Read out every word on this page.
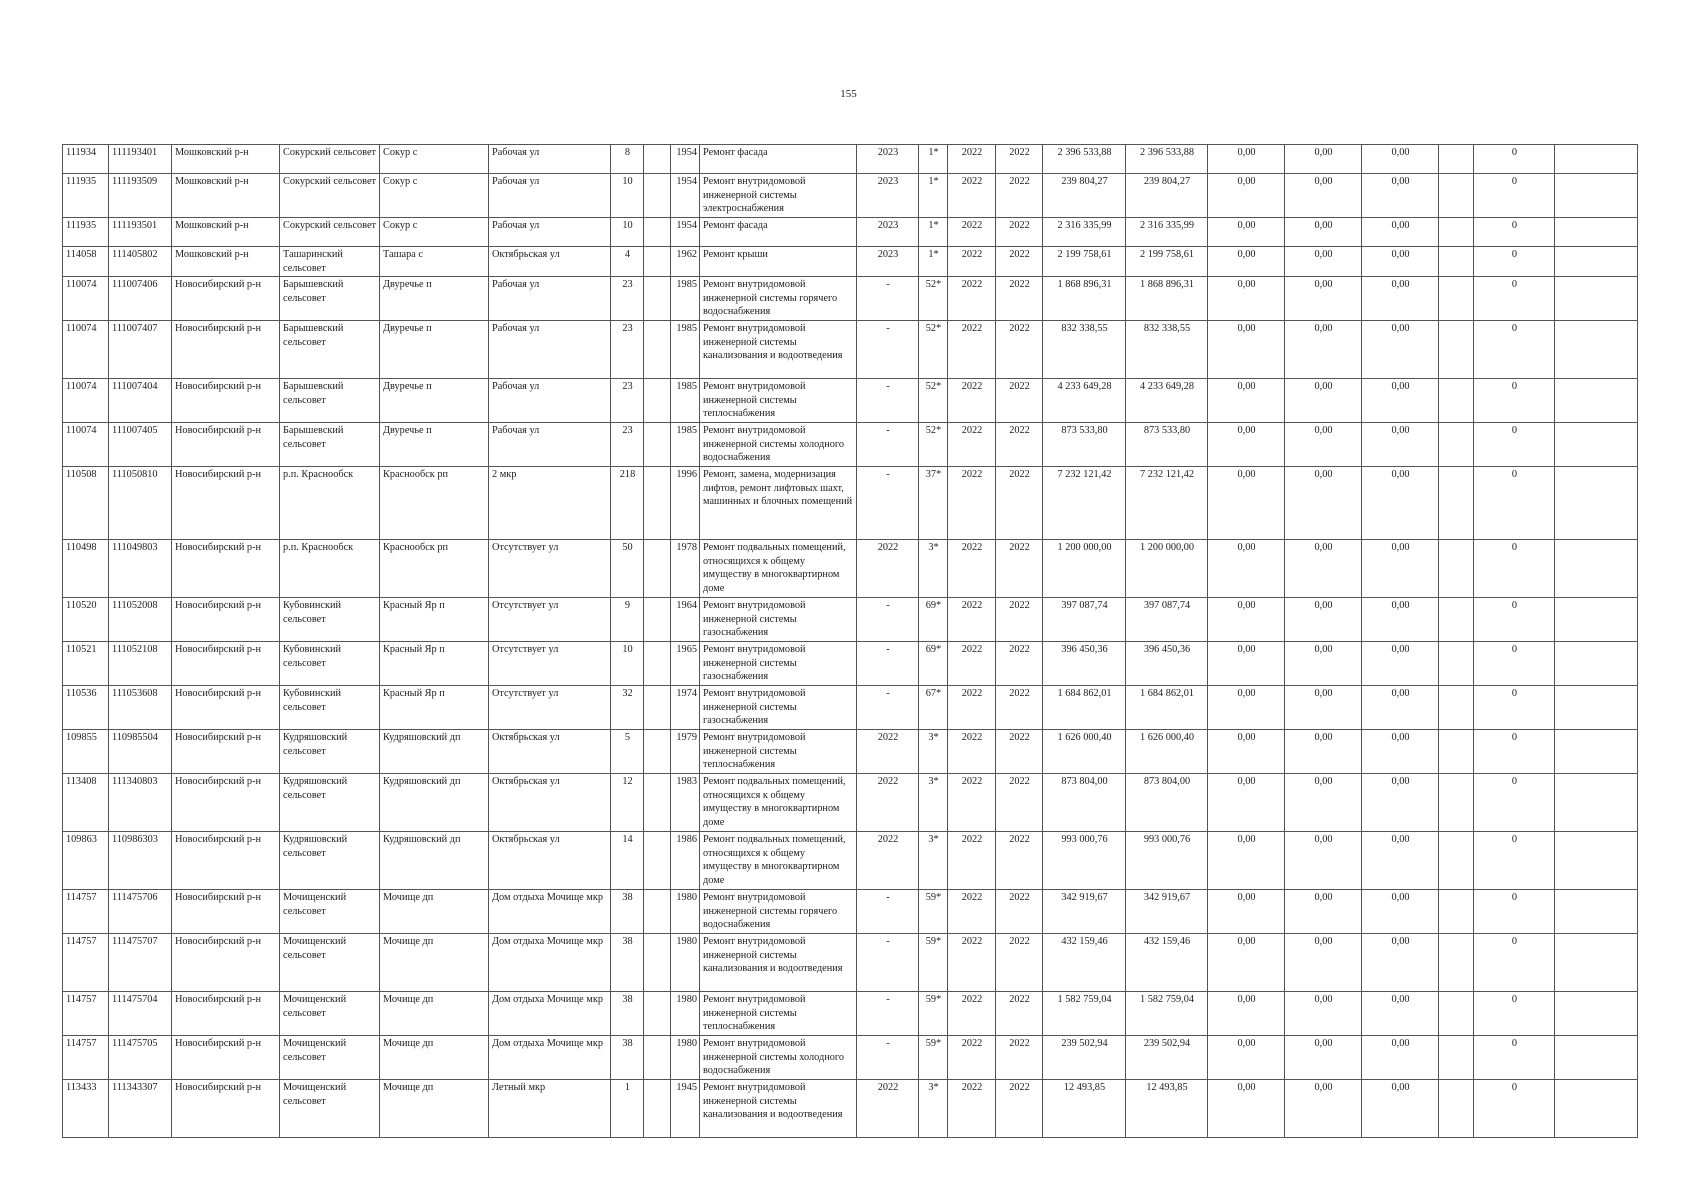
155
111934	111193401	Мошковский р-н	Сокурский сельсовет	Сокур с	Рабочая ул	8		1954	Ремонт фасада	2023	1*	2022	2022	2 396 533,88	2 396 533,88	0,00	0,00	0,00		0	
111935	111193509	Мошковский р-н	Сокурский сельсовет	Сокур с	Рабочая ул	10		1954	Ремонт внутридомовой инженерной системы электроснабжения	2023	1*	2022	2022	239 804,27	239 804,27	0,00	0,00	0,00		0	
111935	111193501	Мошковский р-н	Сокурский сельсовет	Сокур с	Рабочая ул	10		1954	Ремонт фасада	2023	1*	2022	2022	2 316 335,99	2 316 335,99	0,00	0,00	0,00		0	
114058	111405802	Мошковский р-н	Ташаринский сельсовет	Ташара с	Октябрьская ул	4		1962	Ремонт крыши	2023	1*	2022	2022	2 199 758,61	2 199 758,61	0,00	0,00	0,00		0	
110074	111007406	Новосибирский р-н	Барышевский сельсовет	Двуречье п	Рабочая ул	23		1985	Ремонт внутридомовой инженерной системы горячего водоснабжения	-	52*	2022	2022	1 868 896,31	1 868 896,31	0,00	0,00	0,00		0	
110074	111007407	Новосибирский р-н	Барышевский сельсовет	Двуречье п	Рабочая ул	23		1985	Ремонт внутридомовой инженерной системы канализования и водоотведения	-	52*	2022	2022	832 338,55	832 338,55	0,00	0,00	0,00		0	
110074	111007404	Новосибирский р-н	Барышевский сельсовет	Двуречье п	Рабочая ул	23		1985	Ремонт внутридомовой инженерной системы теплоснабжения	-	52*	2022	2022	4 233 649,28	4 233 649,28	0,00	0,00	0,00		0	
110074	111007405	Новосибирский р-н	Барышевский сельсовет	Двуречье п	Рабочая ул	23		1985	Ремонт внутридомовой инженерной системы холодного водоснабжения	-	52*	2022	2022	873 533,80	873 533,80	0,00	0,00	0,00		0	
110508	111050810	Новосибирский р-н	р.п. Краснообск	Краснообск рп	2 мкр	218		1996	Ремонт, замена, модернизация лифтов, ремонт лифтовых шахт, машинных и блочных помещений	-	37*	2022	2022	7 232 121,42	7 232 121,42	0,00	0,00	0,00		0	
110498	111049803	Новосибирский р-н	р.п. Краснообск	Краснообск рп	Отсутствует ул	50		1978	Ремонт подвальных помещений, относящихся к общему имуществу в многоквартирном доме	2022	3*	2022	2022	1 200 000,00	1 200 000,00	0,00	0,00	0,00		0	
110520	111052008	Новосибирский р-н	Кубовинский сельсовет	Красный Яр п	Отсутствует ул	9		1964	Ремонт внутридомовой инженерной системы газоснабжения	-	69*	2022	2022	397 087,74	397 087,74	0,00	0,00	0,00		0	
110521	111052108	Новосибирский р-н	Кубовинский сельсовет	Красный Яр п	Отсутствует ул	10		1965	Ремонт внутридомовой инженерной системы газоснабжения	-	69*	2022	2022	396 450,36	396 450,36	0,00	0,00	0,00		0	
110536	111053608	Новосибирский р-н	Кубовинский сельсовет	Красный Яр п	Отсутствует ул	32		1974	Ремонт внутридомовой инженерной системы газоснабжения	-	67*	2022	2022	1 684 862,01	1 684 862,01	0,00	0,00	0,00		0	
109855	110985504	Новосибирский р-н	Кудряшовский сельсовет	Кудряшовский дп	Октябрьская ул	5		1979	Ремонт внутридомовой инженерной системы теплоснабжения	2022	3*	2022	2022	1 626 000,40	1 626 000,40	0,00	0,00	0,00		0	
113408	111340803	Новосибирский р-н	Кудряшовский сельсовет	Кудряшовский дп	Октябрьская ул	12		1983	Ремонт подвальных помещений, относящихся к общему имуществу в многоквартирном доме	2022	3*	2022	2022	873 804,00	873 804,00	0,00	0,00	0,00		0	
109863	110986303	Новосибирский р-н	Кудряшовский сельсовет	Кудряшовский дп	Октябрьская ул	14		1986	Ремонт подвальных помещений, относящихся к общему имуществу в многоквартирном доме	2022	3*	2022	2022	993 000,76	993 000,76	0,00	0,00	0,00		0	
114757	111475706	Новосибирский р-н	Мочищенский сельсовет	Мочище дп	Дом отдыха Мочище мкр	38		1980	Ремонт внутридомовой инженерной системы горячего водоснабжения	-	59*	2022	2022	342 919,67	342 919,67	0,00	0,00	0,00		0	
114757	111475707	Новосибирский р-н	Мочищенский сельсовет	Мочище дп	Дом отдыха Мочище мкр	38		1980	Ремонт внутридомовой инженерной системы канализования и водоотведения	-	59*	2022	2022	432 159,46	432 159,46	0,00	0,00	0,00		0	
114757	111475704	Новосибирский р-н	Мочищенский сельсовет	Мочище дп	Дом отдыха Мочище мкр	38		1980	Ремонт внутридомовой инженерной системы теплоснабжения	-	59*	2022	2022	1 582 759,04	1 582 759,04	0,00	0,00	0,00		0	
114757	111475705	Новосибирский р-н	Мочищенский сельсовет	Мочище дп	Дом отдыха Мочище мкр	38		1980	Ремонт внутридомовой инженерной системы холодного водоснабжения	-	59*	2022	2022	239 502,94	239 502,94	0,00	0,00	0,00		0	
113433	111343307	Новосибирский р-н	Мочищенский сельсовет	Мочище дп	Летный мкр	1		1945	Ремонт внутридомовой инженерной системы канализования и водоотведения	2022	3*	2022	2022	12 493,85	12 493,85	0,00	0,00	0,00		0	
